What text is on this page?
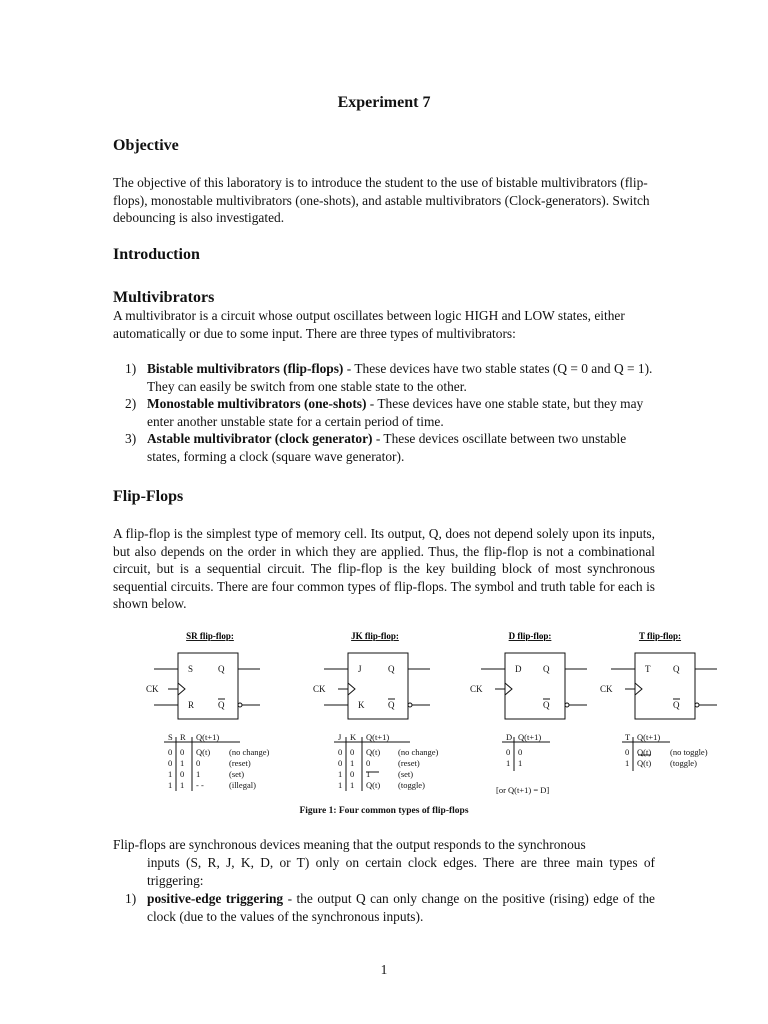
Experiment 7
Objective
The objective of this laboratory is to introduce the student to the use of bistable multivibrators (flip-flops), monostable multivibrators (one-shots), and astable multivibrators (Clock-generators). Switch debouncing is also investigated.
Introduction
Multivibrators
A multivibrator is a circuit whose output oscillates between logic HIGH and LOW states, either automatically or due to some input. There are three types of multivibrators:
1) Bistable multivibrators (flip-flops) - These devices have two stable states (Q = 0 and Q = 1). They can easily be switch from one stable state to the other.
2) Monostable multivibrators (one-shots) - These devices have one stable state, but they may enter another unstable state for a certain period of time.
3) Astable multivibrator (clock generator) - These devices oscillate between two unstable states, forming a clock (square wave generator).
Flip-Flops
A flip-flop is the simplest type of memory cell. Its output, Q, does not depend solely upon its inputs, but also depends on the order in which they are applied. Thus, the flip-flop is not a combinational circuit, but is a sequential circuit. The flip-flop is the key building block of most synchronous sequential circuits. There are four common types of flip-flops. The symbol and truth table for each is shown below.
SR flip-flop:	JK flip-flop:	D flip-flop:	T flip-flop:
CK
S
R
Q
Q
CK
J
K
Q
Q
CK
D Q
Q
CK
T	Q
Q
S R Q(t+1)
0 0 Q(t) (no change)
0 1 0	(reset)
1 0 1	(set)
1 1 - -	(illegal)
J K Q(t+1)
0 0 Q(t) (no change)
0 1 0	(reset)
1 0 1	(set)
1 1 Q(t) (toggle)
D Q(t+1)
0 0
1 1
[or Q(t+1) = D]
T Q(t+1)
0 Q(t) (no toggle)
1 Q(t) (toggle)
Figure 1: Four common types of flip-flops
Flip-flops are synchronous devices meaning that the output responds to the synchronous
inputs (S, R, J, K, D, or T) only on certain clock edges. There are three main types of triggering:
1) positive-edge triggering - the output Q can only change on the positive (rising) edge of the clock (due to the values of the synchronous inputs).
1
